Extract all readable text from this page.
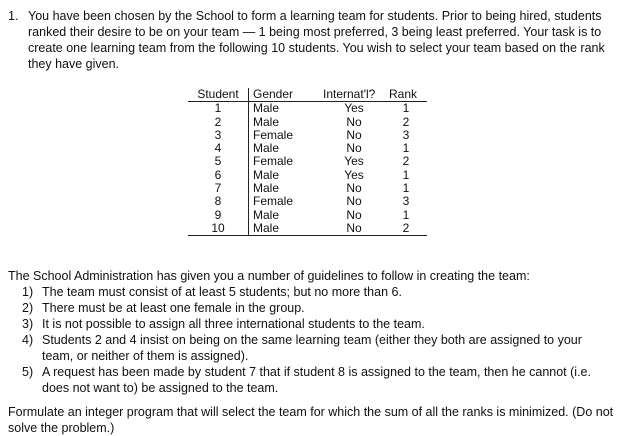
1. You have been chosen by the School to form a learning team for students. Prior to being hired, students ranked their desire to be on your team — 1 being most preferred, 3 being least preferred. Your task is to create one learning team from the following 10 students. You wish to select your team based on the rank they have given.

Student	Gender	Internat'l?	Rank
1	Male	Yes	1
2	Male	No	2
3	Female	No	3
4	Male	No	1
5	Female	Yes	2
6	Male	Yes	1
7	Male	No	1
8	Female	No	3
9	Male	No	1
10	Male	No	2

The School Administration has given you a number of guidelines to follow in creating the team:

1) The team must consist of at least 5 students; but no more than 6.
2) There must be at least one female in the group.
3) It is not possible to assign all three international students to the team.
4) Students 2 and 4 insist on being on the same learning team (either they both are assigned to your team, or neither of them is assigned).
5) A request has been made by student 7 that if student 8 is assigned to the team, then he cannot (i.e. does not want to) be assigned to the team.

Formulate an integer program that will select the team for which the sum of all the ranks is minimized. (Do not solve the problem.)
